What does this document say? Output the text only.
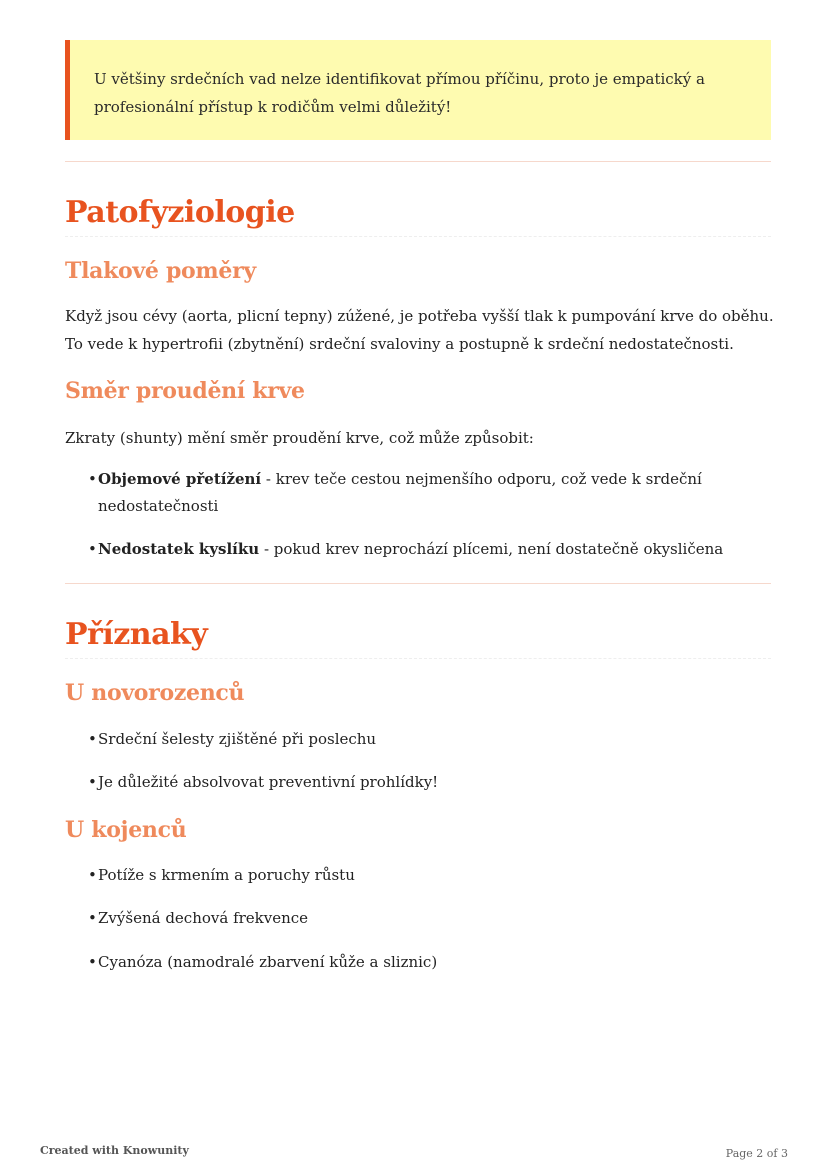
U většiny srdečních vad nelze identifikovat přímou příčinu, proto je empatický a
profesionální přístup k rodičům velmi důležitý!
Patofyziologie
Tlakové poměry

Když jsou cévy (aorta, plicní tepny) zúžené, je potřeba vyšší tlak k pumpování krve do oběhu.
To vede k hypertrofii (zbytnění) srdeční svaloviny a postupně k srdeční nedostatečnosti.

Směr proudění krve

Zkraty (shunty) mění směr proudění krve, což může způsobit:

•Objemové přetížení - krev teče cestou nejmenšího odporu, což vede k srdeční
nedostatečnosti
•Nedostatek kyslíku - pokud krev neprochází plícemi, není dostatečně okysličena
Příznaky
U novorozenců
•Srdeční šelesty zjištěné při poslechu
•Je důležité absolvovat preventivní prohlídky!
U kojenců
•Potíže s krmením a poruchy růstu
•Zvýšená dechová frekvence
•Cyanóza (namodralé zbarvení kůže a sliznic)
Created with Knowunity	Page 2 of 3
